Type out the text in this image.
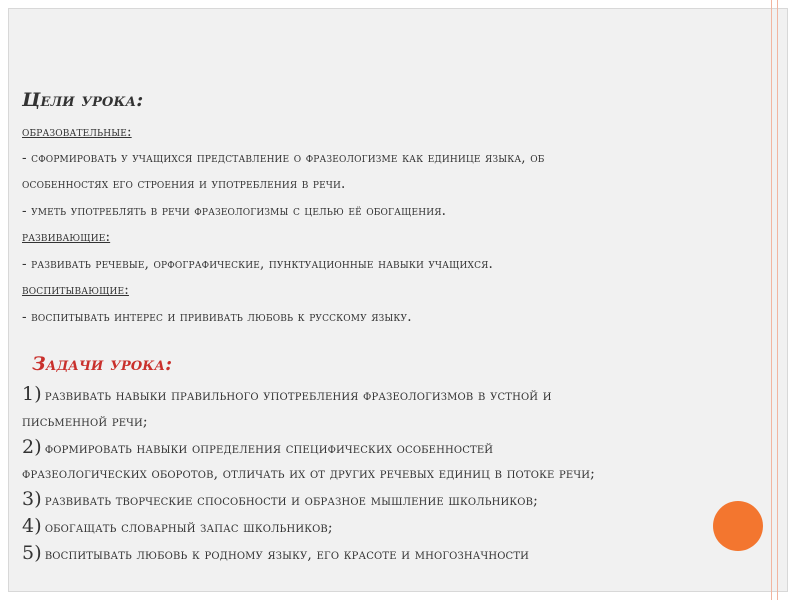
Цели урока:
образовательные:
- сформировать у учащихся представление о фразеологизме как единице языка, об
особенностях его строения и употребления в речи.
- уметь употреблять в речи фразеологизмы с целью её обогащения.
развивающие:
- развивать речевые, орфографические, пунктуационные навыки учащихся.
воспитывающие:
- воспитывать интерес и прививать любовь к русскому языку.
Задачи урока:
1) развивать навыки правильного употребления фразеологизмов в устной и
письменной речи;
2) формировать навыки определения специфических особенностей
фразеологических оборотов, отличать их от других речевых единиц в потоке речи;
3) развивать творческие способности и образное мышление школьников;
4) обогащать словарный запас школьников;
5) воспитывать любовь к родному языку, его красоте и многозначности
